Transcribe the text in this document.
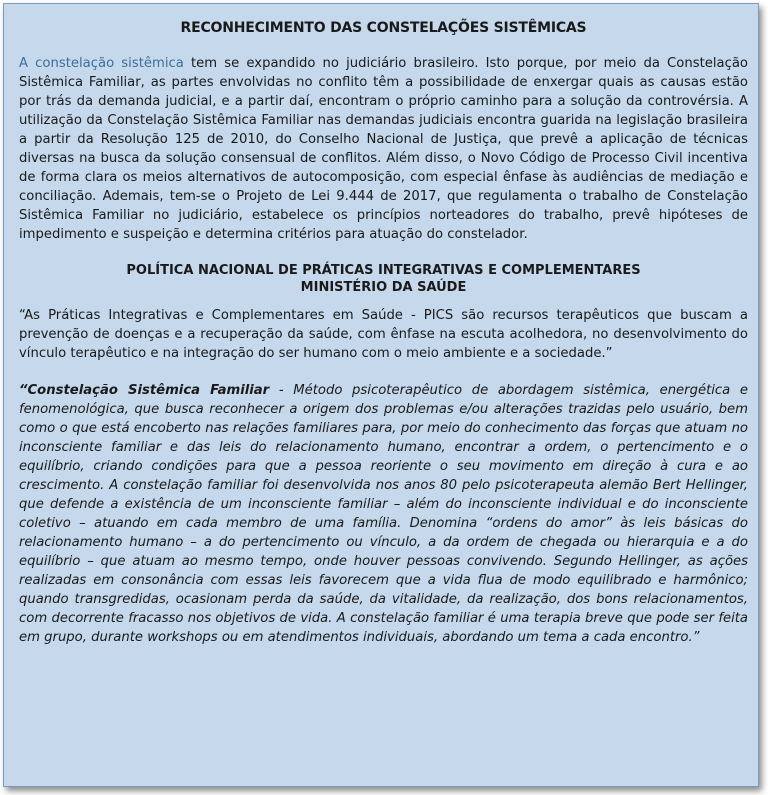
RECONHECIMENTO DAS CONSTELAÇÕES SISTÊMICAS

A constelação sistêmica tem se expandido no judiciário brasileiro. Isto porque, por meio da Constelação Sistêmica Familiar, as partes envolvidas no conflito têm a possibilidade de enxergar quais as causas estão por trás da demanda judicial, e a partir daí, encontram o próprio caminho para a solução da controvérsia. A utilização da Constelação Sistêmica Familiar nas demandas judiciais encontra guarida na legislação brasileira a partir da Resolução 125 de 2010, do Conselho Nacional de Justiça, que prevê a aplicação de técnicas diversas na busca da solução consensual de conflitos. Além disso, o Novo Código de Processo Civil incentiva de forma clara os meios alternativos de autocomposição, com especial ênfase às audiências de mediação e conciliação. Ademais, tem-se o Projeto de Lei 9.444 de 2017, que regulamenta o trabalho de Constelação Sistêmica Familiar no judiciário, estabelece os princípios norteadores do trabalho, prevê hipóteses de impedimento e suspeição e determina critérios para atuação do constelador.

POLÍTICA NACIONAL DE PRÁTICAS INTEGRATIVAS E COMPLEMENTARES
MINISTÉRIO DA SAÚDE

“As Práticas Integrativas e Complementares em Saúde - PICS são recursos terapêuticos que buscam a prevenção de doenças e a recuperação da saúde, com ênfase na escuta acolhedora, no desenvolvimento do vínculo terapêutico e na integração do ser humano com o meio ambiente e a sociedade.”

“Constelação Sistêmica Familiar - Método psicoterapêutico de abordagem sistêmica, energética e fenomenológica, que busca reconhecer a origem dos problemas e/ou alterações trazidas pelo usuário, bem como o que está encoberto nas relações familiares para, por meio do conhecimento das forças que atuam no inconsciente familiar e das leis do relacionamento humano, encontrar a ordem, o pertencimento e o equilíbrio, criando condições para que a pessoa reoriente o seu movimento em direção à cura e ao crescimento. A constelação familiar foi desenvolvida nos anos 80 pelo psicoterapeuta alemão Bert Hellinger, que defende a existência de um inconsciente familiar – além do inconsciente individual e do inconsciente coletivo – atuando em cada membro de uma família. Denomina “ordens do amor” às leis básicas do relacionamento humano – a do pertencimento ou vínculo, a da ordem de chegada ou hierarquia e a do equilíbrio – que atuam ao mesmo tempo, onde houver pessoas convivendo. Segundo Hellinger, as ações realizadas em consonância com essas leis favorecem que a vida flua de modo equilibrado e harmônico; quando transgredidas, ocasionam perda da saúde, da vitalidade, da realização, dos bons relacionamentos, com decorrente fracasso nos objetivos de vida. A constelação familiar é uma terapia breve que pode ser feita em grupo, durante workshops ou em atendimentos individuais, abordando um tema a cada encontro.”
